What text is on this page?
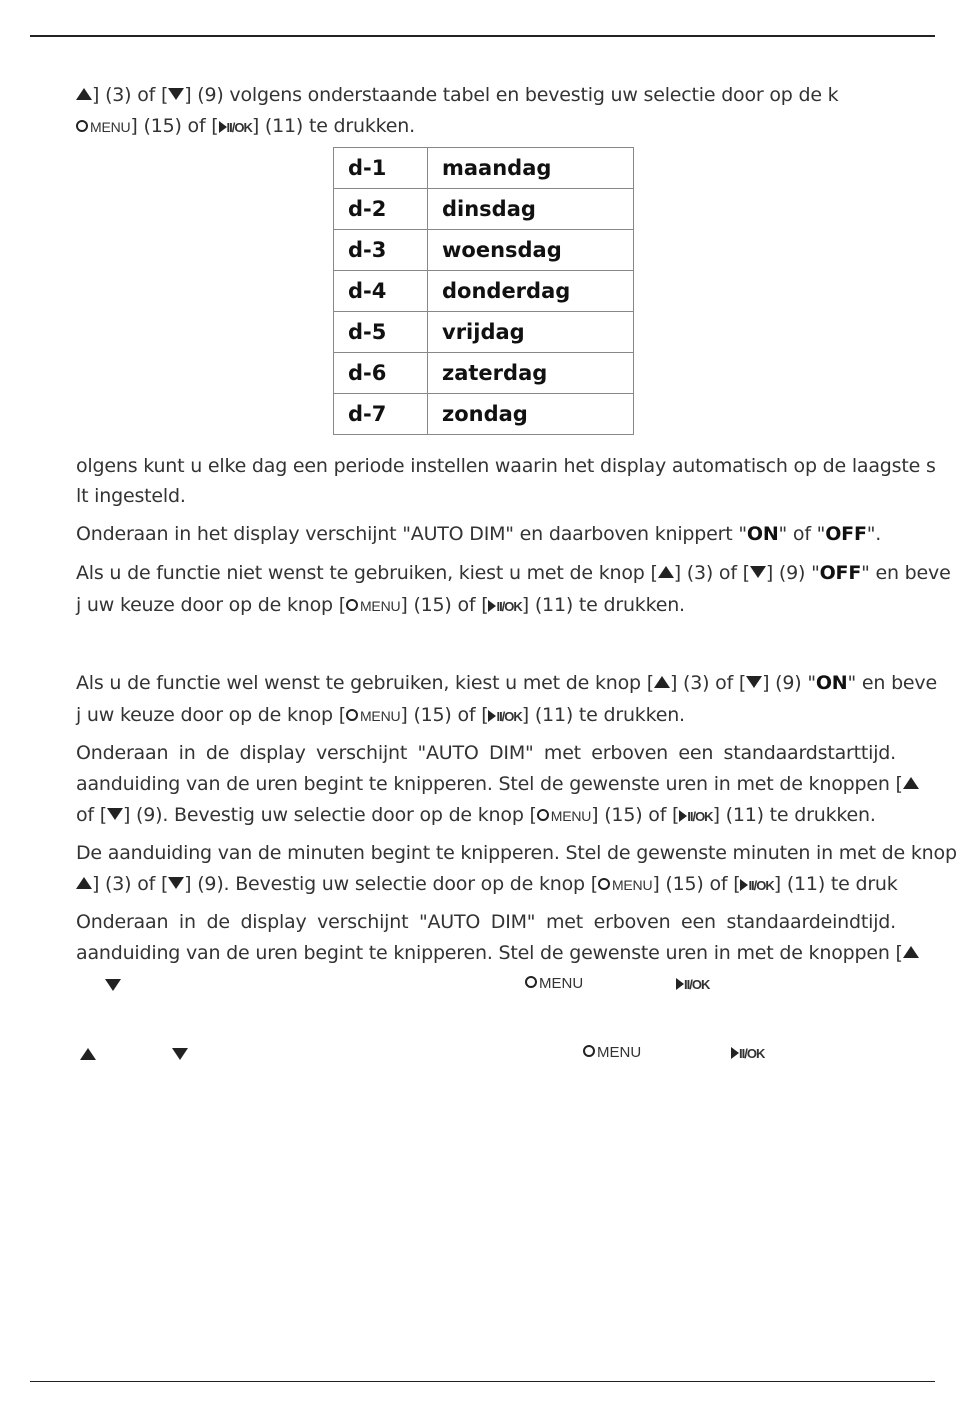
] (3) of [ ] (9) volgens onderstaande tabel en bevestig uw selectie door op de k
MENU] (15) of [ II/OK] (11) te drukken.
d-1	maandag
d-2	dinsdag
d-3	woensdag
d-4	donderdag
d-5	vrijdag
d-6	zaterdag
d-7	zondag
olgens kunt u elke dag een periode instellen waarin het display automatisch op de laagste s
lt ingesteld.
Onderaan in het display verschijnt "AUTO DIM" en daarboven knippert "ON" of "OFF".
Als u de functie niet wenst te gebruiken, kiest u met de knop [ ] (3) of [ ] (9) "OFF" en beve
j uw keuze door op de knop [ MENU] (15) of [ II/OK] (11) te drukken.
Als u de functie wel wenst te gebruiken, kiest u met de knop [ ] (3) of [ ] (9) "ON" en beve
j uw keuze door op de knop [ MENU] (15) of [ II/OK] (11) te drukken.
Onderaan in de display verschijnt "AUTO DIM" met erboven een standaardstarttijd.
aanduiding van de uren begint te knipperen. Stel de gewenste uren in met de knoppen [
of [ ] (9). Bevestig uw selectie door op de knop [ MENU] (15) of [ II/OK] (11) te drukken.
De aanduiding van de minuten begint te knipperen. Stel de gewenste minuten in met de knop
] (3) of [ ] (9). Bevestig uw selectie door op de knop [ MENU] (15) of [ II/OK] (11) te druk
Onderaan in de display verschijnt "AUTO DIM" met erboven een standaardeindtijd.
aanduiding van de uren begint te knipperen. Stel de gewenste uren in met de knoppen [
MENU	II/OK
MENU	II/OK
